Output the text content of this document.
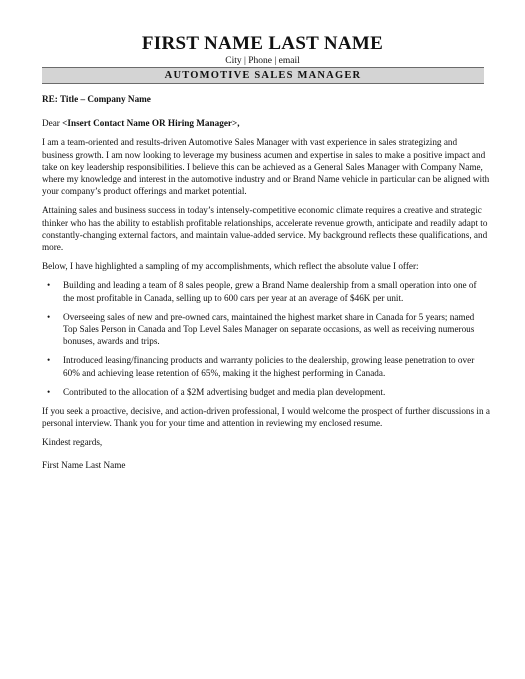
FIRST NAME LAST NAME
City | Phone | email
AUTOMOTIVE SALES MANAGER

RE: Title – Company Name

Dear <Insert Contact Name OR Hiring Manager>,

I am a team-oriented and results-driven Automotive Sales Manager with vast experience in sales strategizing and business growth. I am now looking to leverage my business acumen and expertise in sales to make a positive impact and take on key leadership responsibilities. I believe this can be achieved as a General Sales Manager with Company Name, where my knowledge and interest in the automotive industry and or Brand Name vehicle in particular can be aligned with your company’s product offerings and market potential.

Attaining sales and business success in today’s intensely-competitive economic climate requires a creative and strategic thinker who has the ability to establish profitable relationships, accelerate revenue growth, anticipate and readily adapt to constantly-changing external factors, and maintain value-added service. My background reflects these qualifications, and more.

Below, I have highlighted a sampling of my accomplishments, which reflect the absolute value I offer:

• Building and leading a team of 8 sales people, grew a Brand Name dealership from a small operation into one of the most profitable in Canada, selling up to 600 cars per year at an average of $46K per unit.
• Overseeing sales of new and pre-owned cars, maintained the highest market share in Canada for 5 years; named Top Sales Person in Canada and Top Level Sales Manager on separate occasions, as well as receiving numerous bonuses, awards and trips.
• Introduced leasing/financing products and warranty policies to the dealership, growing lease penetration to over 60% and achieving lease retention of 65%, making it the highest performing in Canada.
• Contributed to the allocation of a $2M advertising budget and media plan development.

If you seek a proactive, decisive, and action-driven professional, I would welcome the prospect of further discussions in a personal interview. Thank you for your time and attention in reviewing my enclosed resume.

Kindest regards,

First Name Last Name
